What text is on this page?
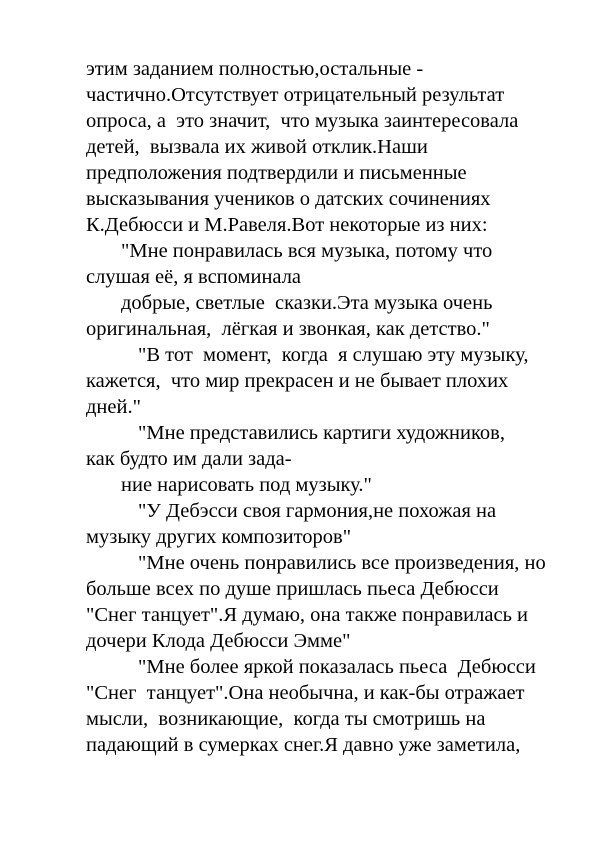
этим заданием полностью,остальные -
частично.Отсутствует отрицательный результат
опроса, а  это значит,  что музыка заинтересовала
детей,  вызвала их живой отклик.Наши
предположения подтвердили и письменные
высказывания учеников о датских сочинениях
К.Дебюсси и М.Равеля.Вот некоторые из них:
"Мне понравилась вся музыка, потому что
слушая её, я вспоминала
добрые, светлые  сказки.Эта музыка очень
оригинальная,  лёгкая и звонкая, как детство."
"В тот  момент,  когда  я слушаю эту музыку,
кажется,  что мир прекрасен и не бывает плохих
дней."
"Мне представились картиги художников,
как будто им дали зада-
ние нарисовать под музыку."
"У Дебэсси своя гармония,не похожая на
музыку других композиторов"
"Мне очень понравились все произведения, но
больше всех по душе пришлась пьеса Дебюсси
"Снег танцует".Я думаю, она также понравилась и
дочери Клода Дебюсси Эмме"
"Мне более яркой показалась пьеса  Дебюсси
"Снег  танцует".Она необычна, и как-бы отражает
мысли,  возникающие,  когда ты смотришь на
падающий в сумерках снег.Я давно уже заметила,
